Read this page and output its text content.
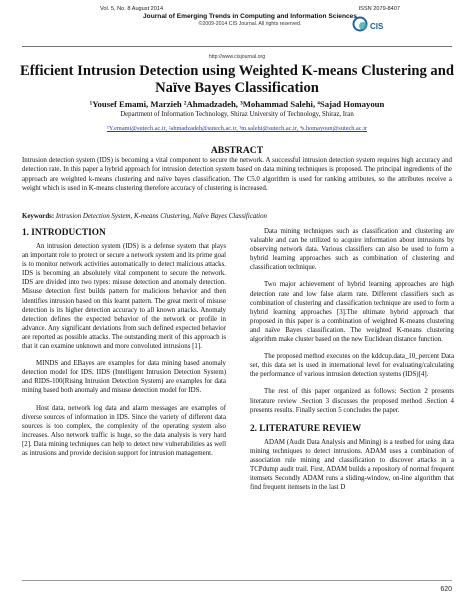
Vol. 5, No. 8 August 2014	ISSN 2079-8407
Journal of Emerging Trends in Computing and Information Sciences
©2009-2014 CIS Journal. All rights reserved.	CIS
http://www.cisjournal.org
Efficient Intrusion Detection using Weighted K-means Clustering and Naïve Bayes Classification
¹Yousef Emami, Marzieh ²Ahmadzadeh, ³Mohammad Salehi, ⁴Sajad Homayoun
Department of Information Technology, Shiraz University of Technology, Shiraz, Iran
¹Y.emami@sutech.ac.ir, ²ahmadzadeh@sutech.ac.ir, ³m.salehi@sutech.ac.ir, ⁴s.homayoun@sutech.ac.ir
ABSTRACT
Intrusion detection system (IDS) is becoming a vital component to secure the network. A successful intrusion detection system requires high accuracy and detection rate. In this paper a hybrid approach for intrusion detection system based on data mining techniques is proposed. The principal ingredients of the approach are weighted k-means clustering and naïve bayes classification. The C5.0 algorithm is used for ranking attributes, so the attributes receive a weight which is used in K-means clustering therefore accuracy of clustering is increased.
Keywords: Intrusion Detection System, K-means Clustering, Naïve Bayes Classification
1. INTRODUCTION

An intrusion detection system (IDS) is a defense system that plays an important role to protect or secure a network system and its prime goal is to monitor network activities automatically to detect malicious attacks. IDS is becoming an absolutely vital component to secure the network. IDS are divided into two types: misuse detection and anomaly detection. Misuse detection first builds pattern for malicious behavior and then identifies intrusion based on this learnt pattern. The great merit of misuse detection is its higher detection accuracy to all known attacks. Anomaly detection defines the expected behavior of the network or profile in advance. Any significant deviations from such defined expected behavior are reported as possible attacks. The outstanding merit of this approach is that it can examine unknown and more convoluted intrusions [1].

MINDS and EBayes are examples for data mining based anomaly detection model for IDS. IIDS (Intelligent Intrusion Detection System) and RIDS-100(Rising Intrusion Detection System) are examples for data mining based both anomaly and misuse detection model for IDS.

Host data, network log data and alarm messages are examples of diverse sources of information in IDS. Since the variety of different data sources is too complex, the complexity of the operating system also increases. Also network traffic is huge, so the data analysis is very hard [2]. Data mining techniques can help to detect new vulnerabilities as well as intrusions and provide decision support for intrusion management.

Data mining techniques such as classification and clustering are valuable and can be utilized to acquire information about intrusions by observing network data. Various classifiers can also be used to form a hybrid learning approaches such as combination of clustering and classification technique.

Two major achievement of hybrid learning approaches are high detection rate and low false alarm rate. Different classifiers such as combination of clustering and classification technique are used to form a hybrid learning approaches [3].The ultimate hybrid approach that proposed in this paper is a combination of weighted K-means clustering and naïve Bayes classification. The weighted K-means clustering algorithm make cluster based on the new Euclidean distance function.

The proposed method executes on the kddcup.data_10_percent Data set, this data set is used in international level for evaluating/calculating the performance of various intrusion detection systems (IDS)[4].

The rest of this paper organized as follows: Section 2 presents literature review .Section 3 discusses the proposed method .Section 4 presents results. Finally section 5 concludes the paper.

2. LITERATURE REVIEW

ADAM (Audit Data Analysis and Mining) is a testbed for using data mining techniques to detect intrusions. ADAM uses a combination of association rule mining and classification to discover attacks in a TCPdump audit trail. First, ADAM builds a repository of normal frequent itemsets Secondly ADAM runs a sliding-window, on-line algorithm that find frequent itemsets in the last D

620
